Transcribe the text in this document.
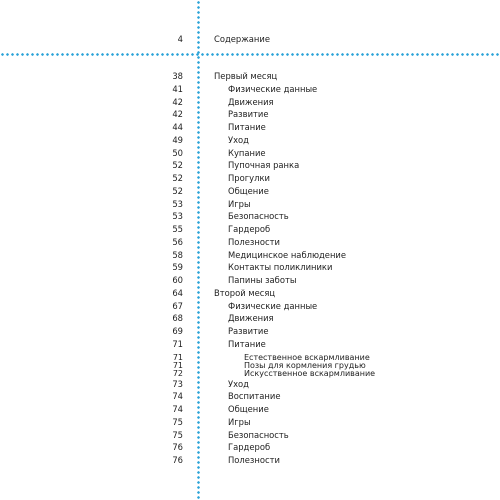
4	Содержание
38	Первый месяц
41	Физические данные
42	Движения
42	Развитие
44	Питание
49	Уход
50	Купание
52	Пупочная ранка
52	Прогулки
52	Общение
53	Игры
53	Безопасность
55	Гардероб
56	Полезности
58	Медицинское наблюдение
59	Контакты поликлиники
60	Папины заботы
64	Второй месяц
67	Физические данные
68	Движения
69	Развитие
71	Питание
71	Естественное вскармливание
71	Позы для кормления грудью
72	Искусственное вскармливание
73	Уход
74	Воспитание
74	Общение
75	Игры
75	Безопасность
76	Гардероб
76	Полезности
